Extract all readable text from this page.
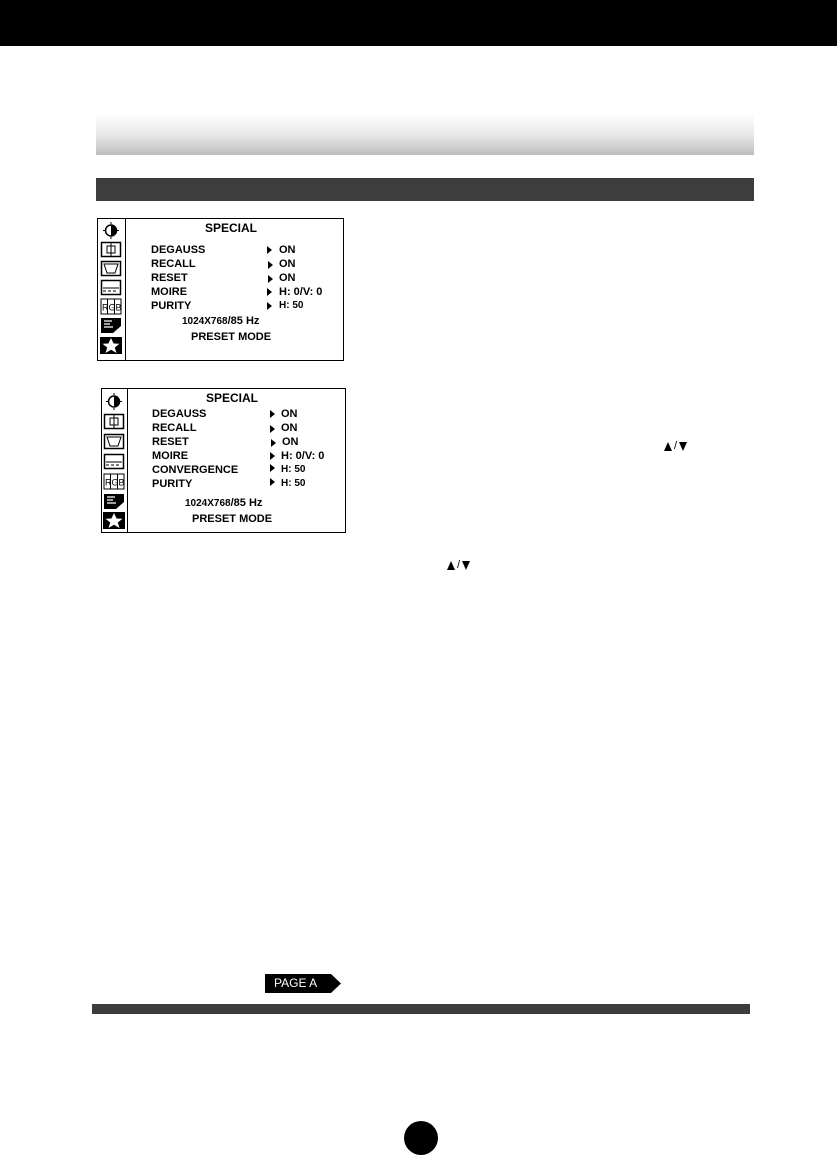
R G B
SPECIAL
DEGAUSS	ON
RECALL	ON
RESET	ON
MOIRE	H: 0/V: 0
PURITY	H: 50
1024X768/85 Hz
PRESET MODE
R G B
SPECIAL
DEGAUSS	ON
RECALL	ON
RESET	ON
MOIRE	H: 0/V: 0
CONVERGENCE	H: 50
PURITY	H: 50
1024X768/85 Hz
PRESET MODE
/
/
PAGE A
